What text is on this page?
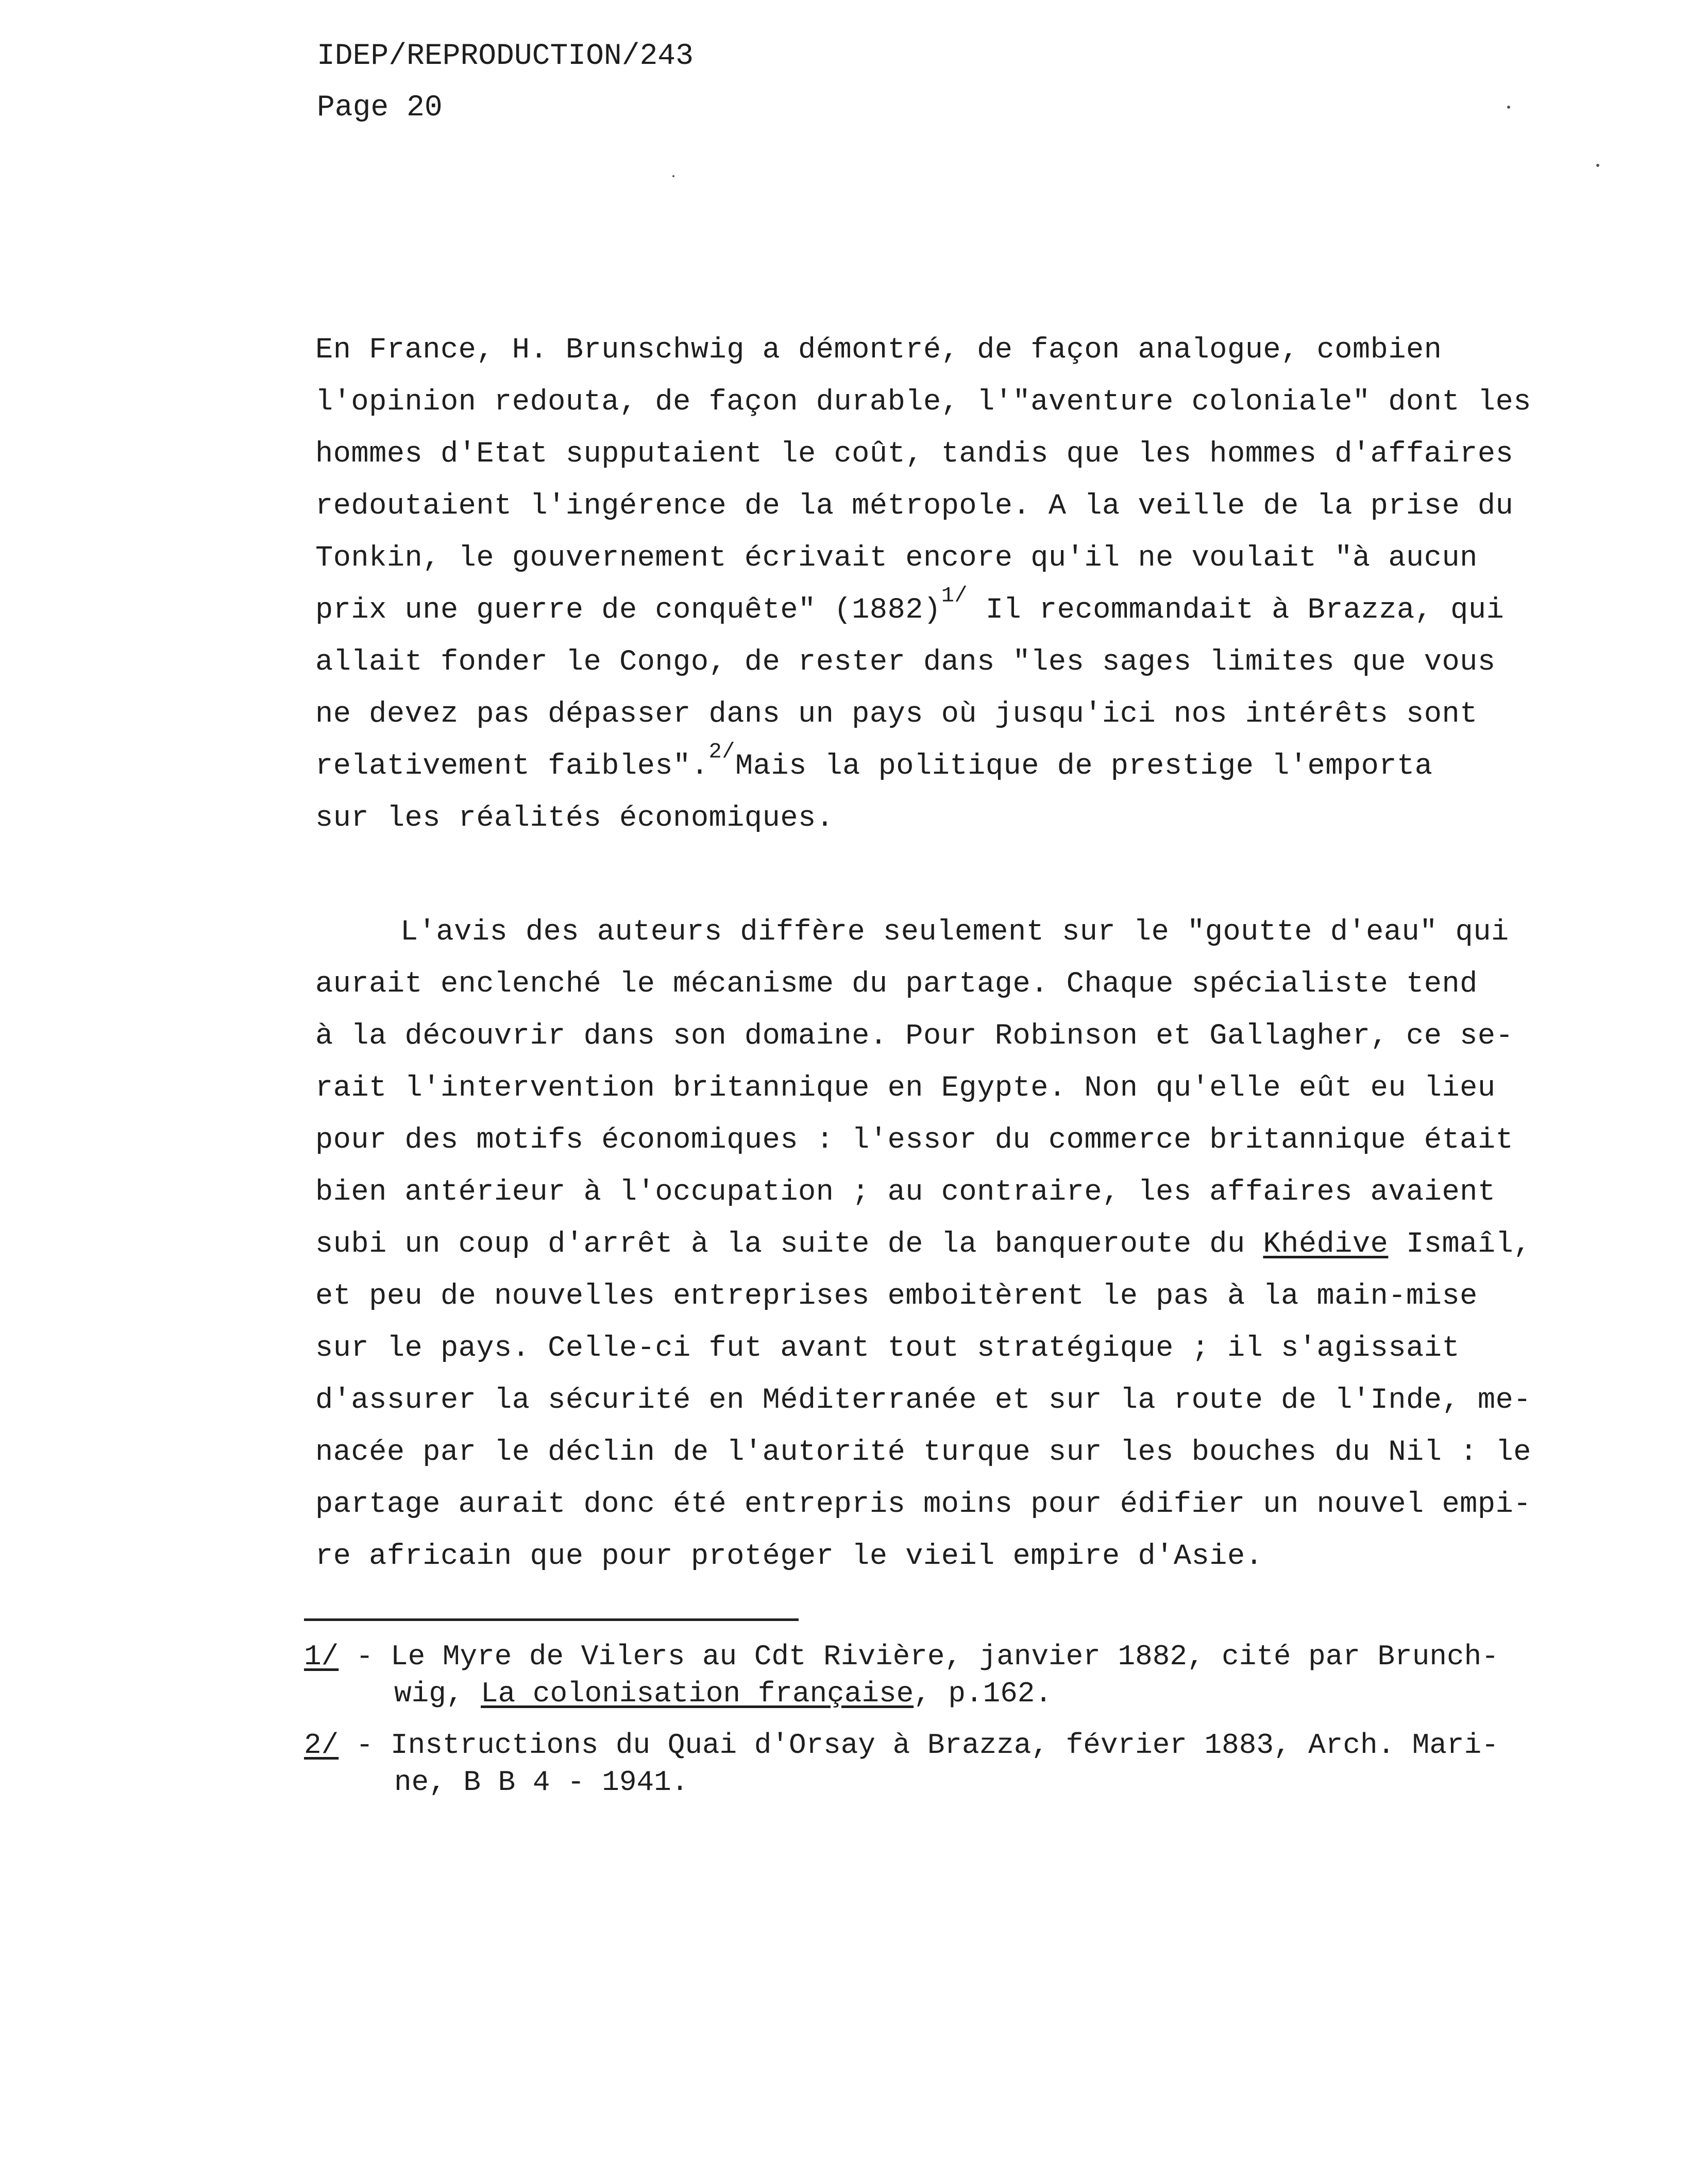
IDEP/REPRODUCTION/243
Page 20
En France, H. Brunschwig a démontré, de façon analogue, combien
l'opinion redouta, de façon durable, l'"aventure coloniale" dont les
hommes d'Etat supputaient le coût, tandis que les hommes d'affaires
redoutaient l'ingérence de la métropole. A la veille de la prise du
Tonkin, le gouvernement écrivait encore qu'il ne voulait "à aucun
prix une guerre de conquête" (1882)$^{1/}$ Il recommandait à Brazza, qui
allait fonder le Congo, de rester dans "les sages limites que vous
ne devez pas dépasser dans un pays où jusqu'ici nos intérêts sont
relativement faibles".$^{2/}$Mais la politique de prestige l'emporta
sur les réalités économiques.
L'avis des auteurs diffère seulement sur le "goutte d'eau" qui
aurait enclenché le mécanisme du partage. Chaque spécialiste tend
à la découvrir dans son domaine. Pour Robinson et Gallagher, ce se-
rait l'intervention britannique en Egypte. Non qu'elle eût eu lieu
pour des motifs économiques : l'essor du commerce britannique était
bien antérieur à l'occupation ; au contraire, les affaires avaient
subi un coup d'arrêt à la suite de la banqueroute du Khédive Ismaîl,
et peu de nouvelles entreprises emboitèrent le pas à la main-mise
sur le pays. Celle-ci fut avant tout stratégique ; il s'agissait
d'assurer la sécurité en Méditerranée et sur la route de l'Inde, me-
nacée par le déclin de l'autorité turque sur les bouches du Nil : le
partage aurait donc été entrepris moins pour édifier un nouvel empi-
re africain que pour protéger le vieil empire d'Asie.
1/ - Le Myre de Vilers au Cdt Rivière, janvier 1882, cité par Brunch-
wig, La colonisation française, p.162.
2/ - Instructions du Quai d'Orsay à Brazza, février 1883, Arch. Mari-
ne, B B 4 - 1941.
